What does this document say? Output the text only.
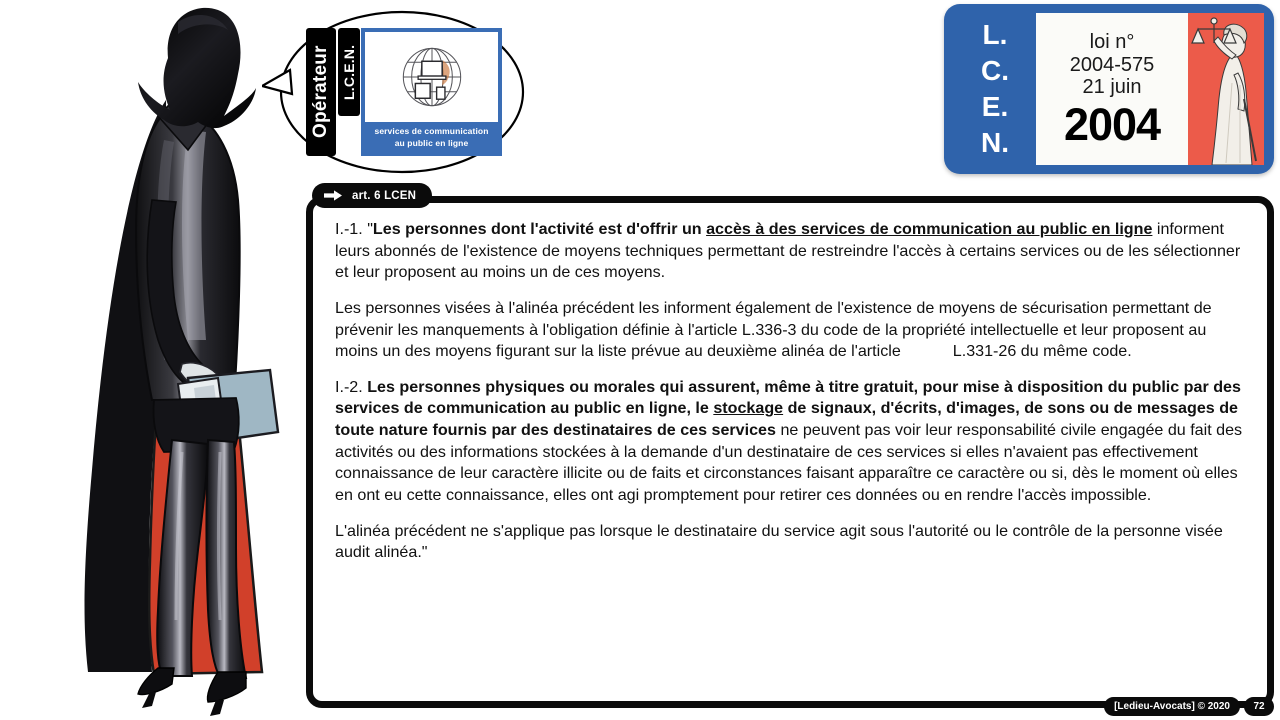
Opérateur L.C.E.N.
services de communication
au public en ligne
L.
C.
E.
N.
loi n°
2004-575
21 juin
2004
art. 6 LCEN

I.-1. "Les personnes dont l'activité est d'offrir un accès à des services de communication au public en ligne informent leurs abonnés de l'existence de moyens techniques permettant de restreindre l'accès à certains services ou de les sélectionner et leur proposent au moins un de ces moyens.

Les personnes visées à l'alinéa précédent les informent également de l'existence de moyens de sécurisation permettant de prévenir les manquements à l'obligation définie à l'article L.336-3 du code de la propriété intellectuelle et leur proposent au moins un des moyens figurant sur la liste prévue au deuxième alinéa de l'article	L.331-26 du même code.

I.-2. Les personnes physiques ou morales qui assurent, même à titre gratuit, pour mise à disposition du public par des services de communication au public en ligne, le stockage de signaux, d'écrits, d'images, de sons ou de messages de toute nature fournis par des destinataires de ces services ne peuvent pas voir leur responsabilité civile engagée du fait des activités ou des informations stockées à la demande d'un destinataire de ces services si elles n'avaient pas effectivement connaissance de leur caractère illicite ou de faits et circonstances faisant apparaître ce caractère ou si, dès le moment où elles en ont eu cette connaissance, elles ont agi promptement pour retirer ces données ou en rendre l'accès impossible.

L'alinéa précédent ne s'applique pas lorsque le destinataire du service agit sous l'autorité ou le contrôle de la personne visée audit alinéa."

[Ledieu-Avocats] © 2020	72
